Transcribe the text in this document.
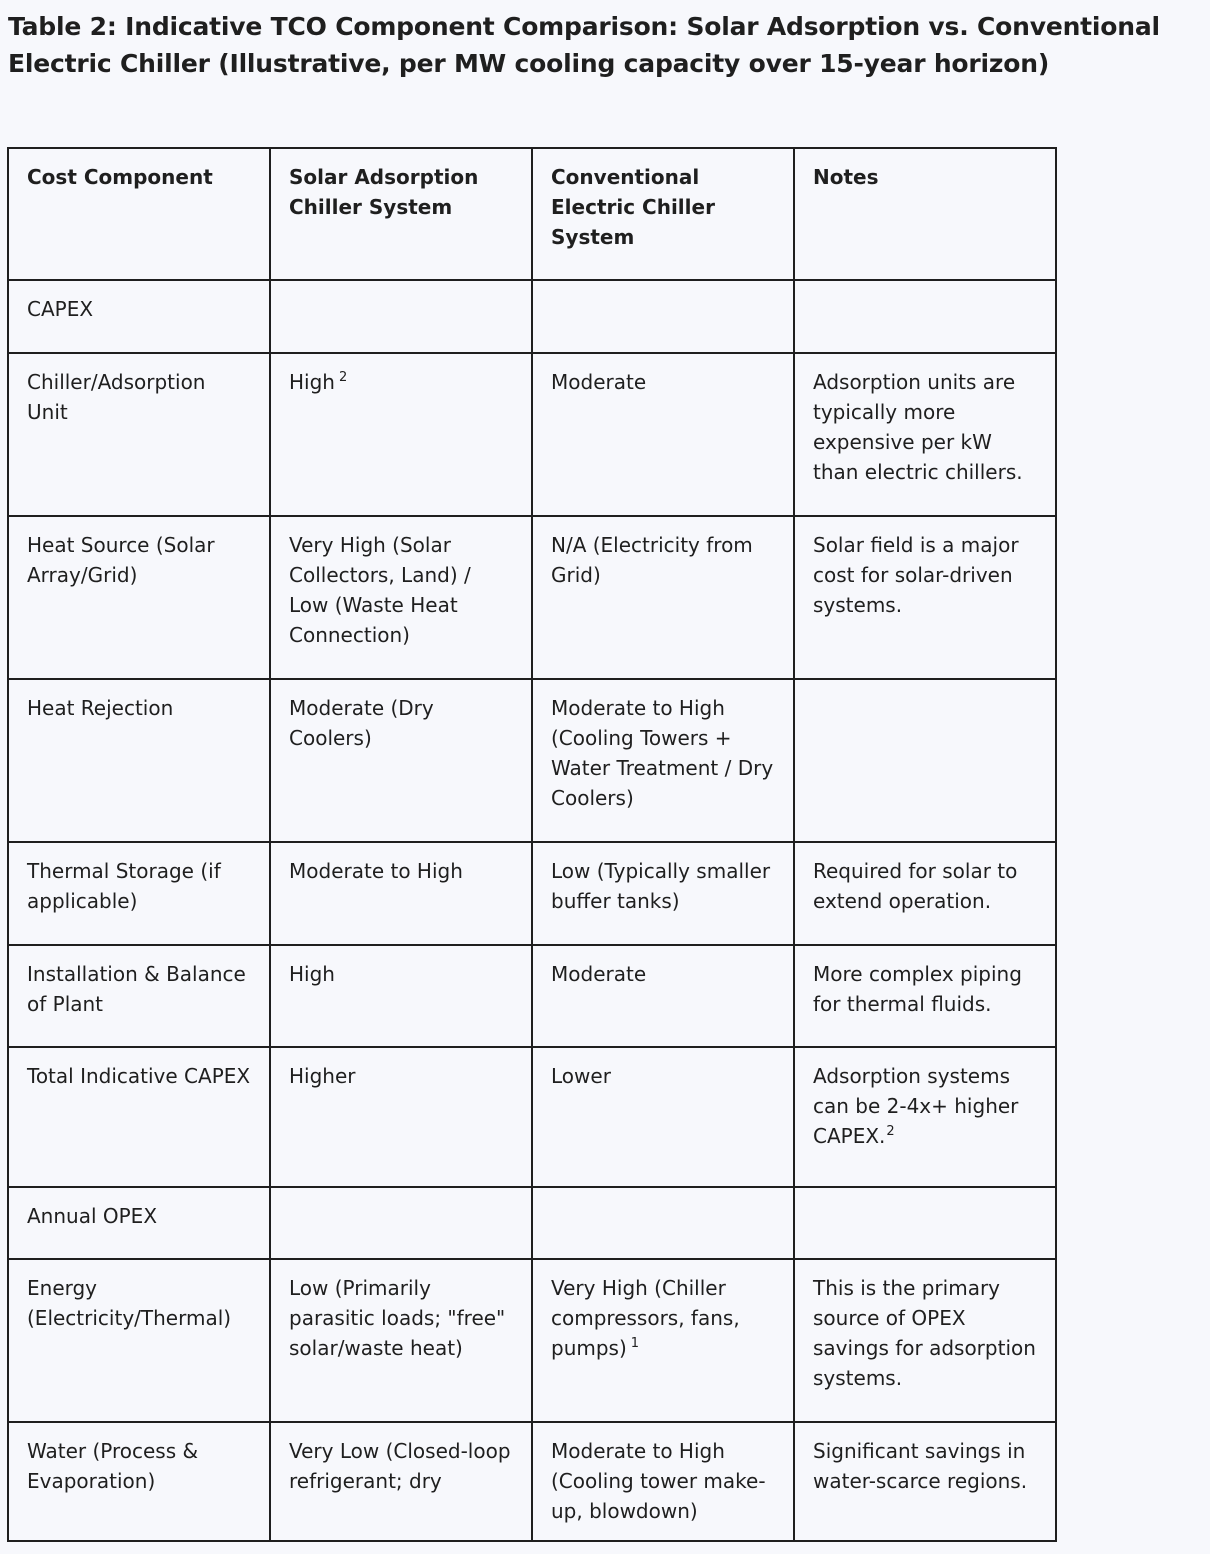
Table 2: Indicative TCO Component Comparison: Solar Adsorption vs. Conventional Electric Chiller (Illustrative, per MW cooling capacity over 15-year horizon)
Cost Component	Solar Adsorption Chiller System	Conventional Electric Chiller System	Notes
CAPEX			
Chiller/Adsorption Unit	High $^2$	Moderate	Adsorption units are typically more expensive per kW than electric chillers.
Heat Source (Solar Array/Grid)	Very High (Solar Collectors, Land) / Low (Waste Heat Connection)	N/A (Electricity from Grid)	Solar field is a major cost for solar-driven systems.
Heat Rejection	Moderate (Dry Coolers)	Moderate to High (Cooling Towers + Water Treatment / Dry Coolers)	
Thermal Storage (if applicable)	Moderate to High	Low (Typically smaller buffer tanks)	Required for solar to extend operation.
Installation & Balance of Plant	High	Moderate	More complex piping for thermal fluids.
Total Indicative CAPEX	Higher	Lower	Adsorption systems can be 2-4x+ higher CAPEX.$^2$
Annual OPEX			
Energy (Electricity/Thermal)	Low (Primarily parasitic loads; "free" solar/waste heat)	Very High (Chiller compressors, fans, pumps) $^1$	This is the primary source of OPEX savings for adsorption systems.
Water (Process & Evaporation)	Very Low (Closed-loop refrigerant; dry	Moderate to High (Cooling tower make-up, blowdown)	Significant savings in water-scarce regions.
